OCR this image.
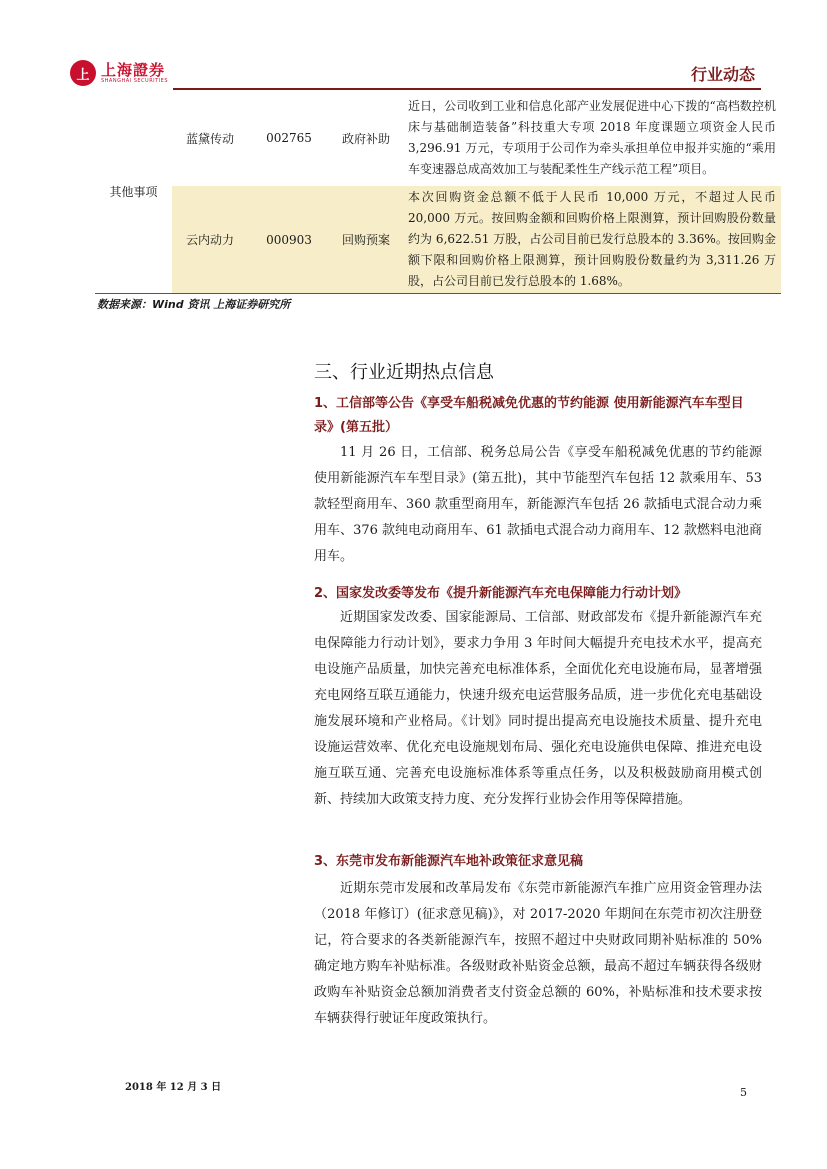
上 上海證券
SHANGHAI SECURITIES	行业动态
其他事项
蓝黛传动	002765	政府补助
近日，公司收到工业和信息化部产业发展促进中心下拨的“高档数控机床与基础制造装备”科技重大专项 2018 年度课题立项资金人民币 3,296.91 万元，专项用于公司作为牵头承担单位申报并实施的“乘用车变速器总成高效加工与装配柔性生产线示范工程”项目。
云内动力	000903	回购预案
本次回购资金总额不低于人民币 10,000 万元，不超过人民币 20,000 万元。按回购金额和回购价格上限测算，预计回购股份数量约为 6,622.51 万股，占公司目前已发行总股本的 3.36%。按回购金额下限和回购价格上限测算，预计回购股份数量约为 3,311.26 万股，占公司目前已发行总股本的 1.68%。
数据来源：Wind 资讯 上海证券研究所
三、行业近期热点信息
1、工信部等公告《享受车船税减免优惠的节约能源 使用新能源汽车车型目录》(第五批）
11 月 26 日，工信部、税务总局公告《享受车船税减免优惠的节约能源 使用新能源汽车车型目录》(第五批)，其中节能型汽车包括 12 款乘用车、53 款轻型商用车、360 款重型商用车，新能源汽车包括 26 款插电式混合动力乘用车、376 款纯电动商用车、61 款插电式混合动力商用车、12 款燃料电池商用车。
2、国家发改委等发布《提升新能源汽车充电保障能力行动计划》
近期国家发改委、国家能源局、工信部、财政部发布《提升新能源汽车充电保障能力行动计划》，要求力争用 3 年时间大幅提升充电技术水平，提高充电设施产品质量，加快完善充电标准体系，全面优化充电设施布局，显著增强充电网络互联互通能力，快速升级充电运营服务品质，进一步优化充电基础设施发展环境和产业格局。《计划》同时提出提高充电设施技术质量、提升充电设施运营效率、优化充电设施规划布局、强化充电设施供电保障、推进充电设施互联互通、完善充电设施标准体系等重点任务，以及积极鼓励商用模式创新、持续加大政策支持力度、充分发挥行业协会作用等保障措施。
3、东莞市发布新能源汽车地补政策征求意见稿
近期东莞市发展和改革局发布《东莞市新能源汽车推广应用资金管理办法（2018 年修订）(征求意见稿)》，对 2017-2020 年期间在东莞市初次注册登记，符合要求的各类新能源汽车，按照不超过中央财政同期补贴标准的 50%确定地方购车补贴标准。各级财政补贴资金总额，最高不超过车辆获得各级财政购车补贴资金总额加消费者支付资金总额的 60%，补贴标准和技术要求按车辆获得行驶证年度政策执行。
2018 年 12 月 3 日	5
